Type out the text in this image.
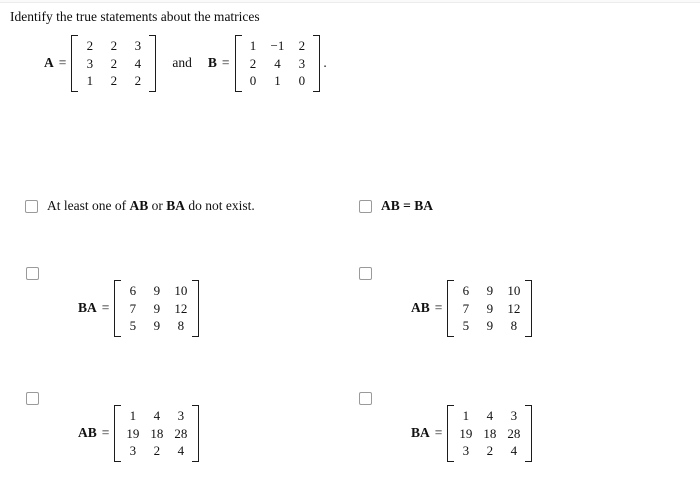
Identify the true statements about the matrices
A =
2 2 3
3 2 4
1 2 2
and B =
1 −1 2
2 4 3
0 1 0
.
At least one of AB or BA do not exist.	AB = BA
BA =
6 9 10
7 9 12
5 9 8
AB =
6 9 10
7 9 12
5 9 8
AB =
1 4 3
19 18 28
3 2 4
BA =
1 4 3
19 18 28
3 2 4
